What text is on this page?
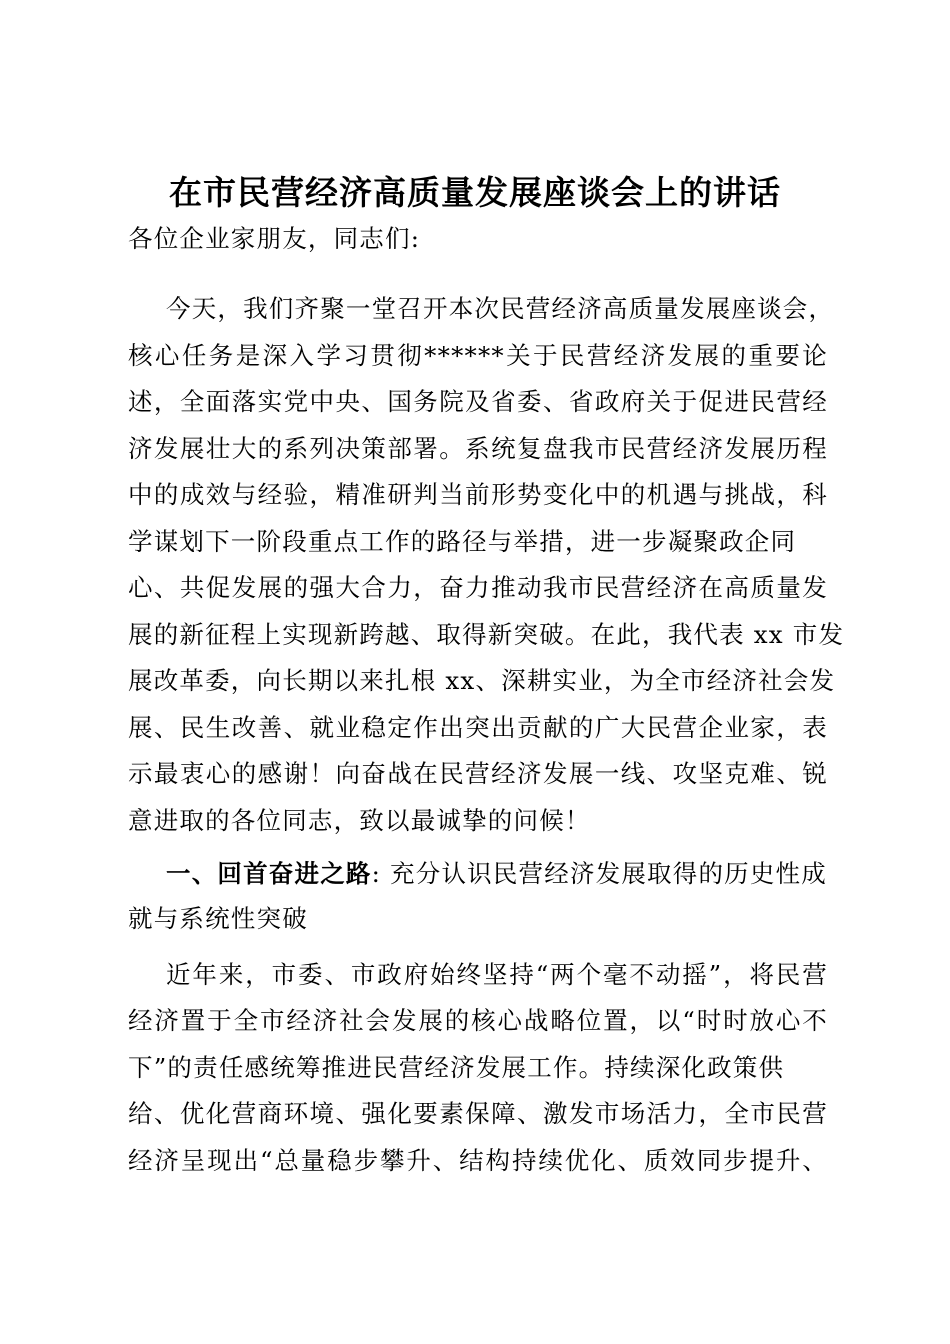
在市民营经济高质量发展座谈会上的讲话
各位企业家朋友，同志们:
今天，我们齐聚一堂召开本次民营经济高质量发展座谈会，
核心任务是深入学习贯彻******关于民营经济发展的重要论
述，全面落实党中央、国务院及省委、省政府关于促进民营经
济发展壮大的系列决策部署。系统复盘我市民营经济发展历程
中的成效与经验，精准研判当前形势变化中的机遇与挑战，科
学谋划下一阶段重点工作的路径与举措，进一步凝聚政企同
心、共促发展的强大合力，奋力推动我市民营经济在高质量发
展的新征程上实现新跨越、取得新突破。在此，我代表 xx 市发
展改革委，向长期以来扎根 xx、深耕实业，为全市经济社会发
展、民生改善、就业稳定作出突出贡献的广大民营企业家，表
示最衷心的感谢！向奋战在民营经济发展一线、攻坚克难、锐
意进取的各位同志，致以最诚挚的问候！
一、回首奋进之路: 充分认识民营经济发展取得的历史性成
就与系统性突破
近年来，市委、市政府始终坚持“两个毫不动摇”，将民营
经济置于全市经济社会发展的核心战略位置，以“时时放心不
下”的责任感统筹推进民营经济发展工作。持续深化政策供
给、优化营商环境、强化要素保障、激发市场活力，全市民营
经济呈现出“总量稳步攀升、结构持续优化、质效同步提升、
